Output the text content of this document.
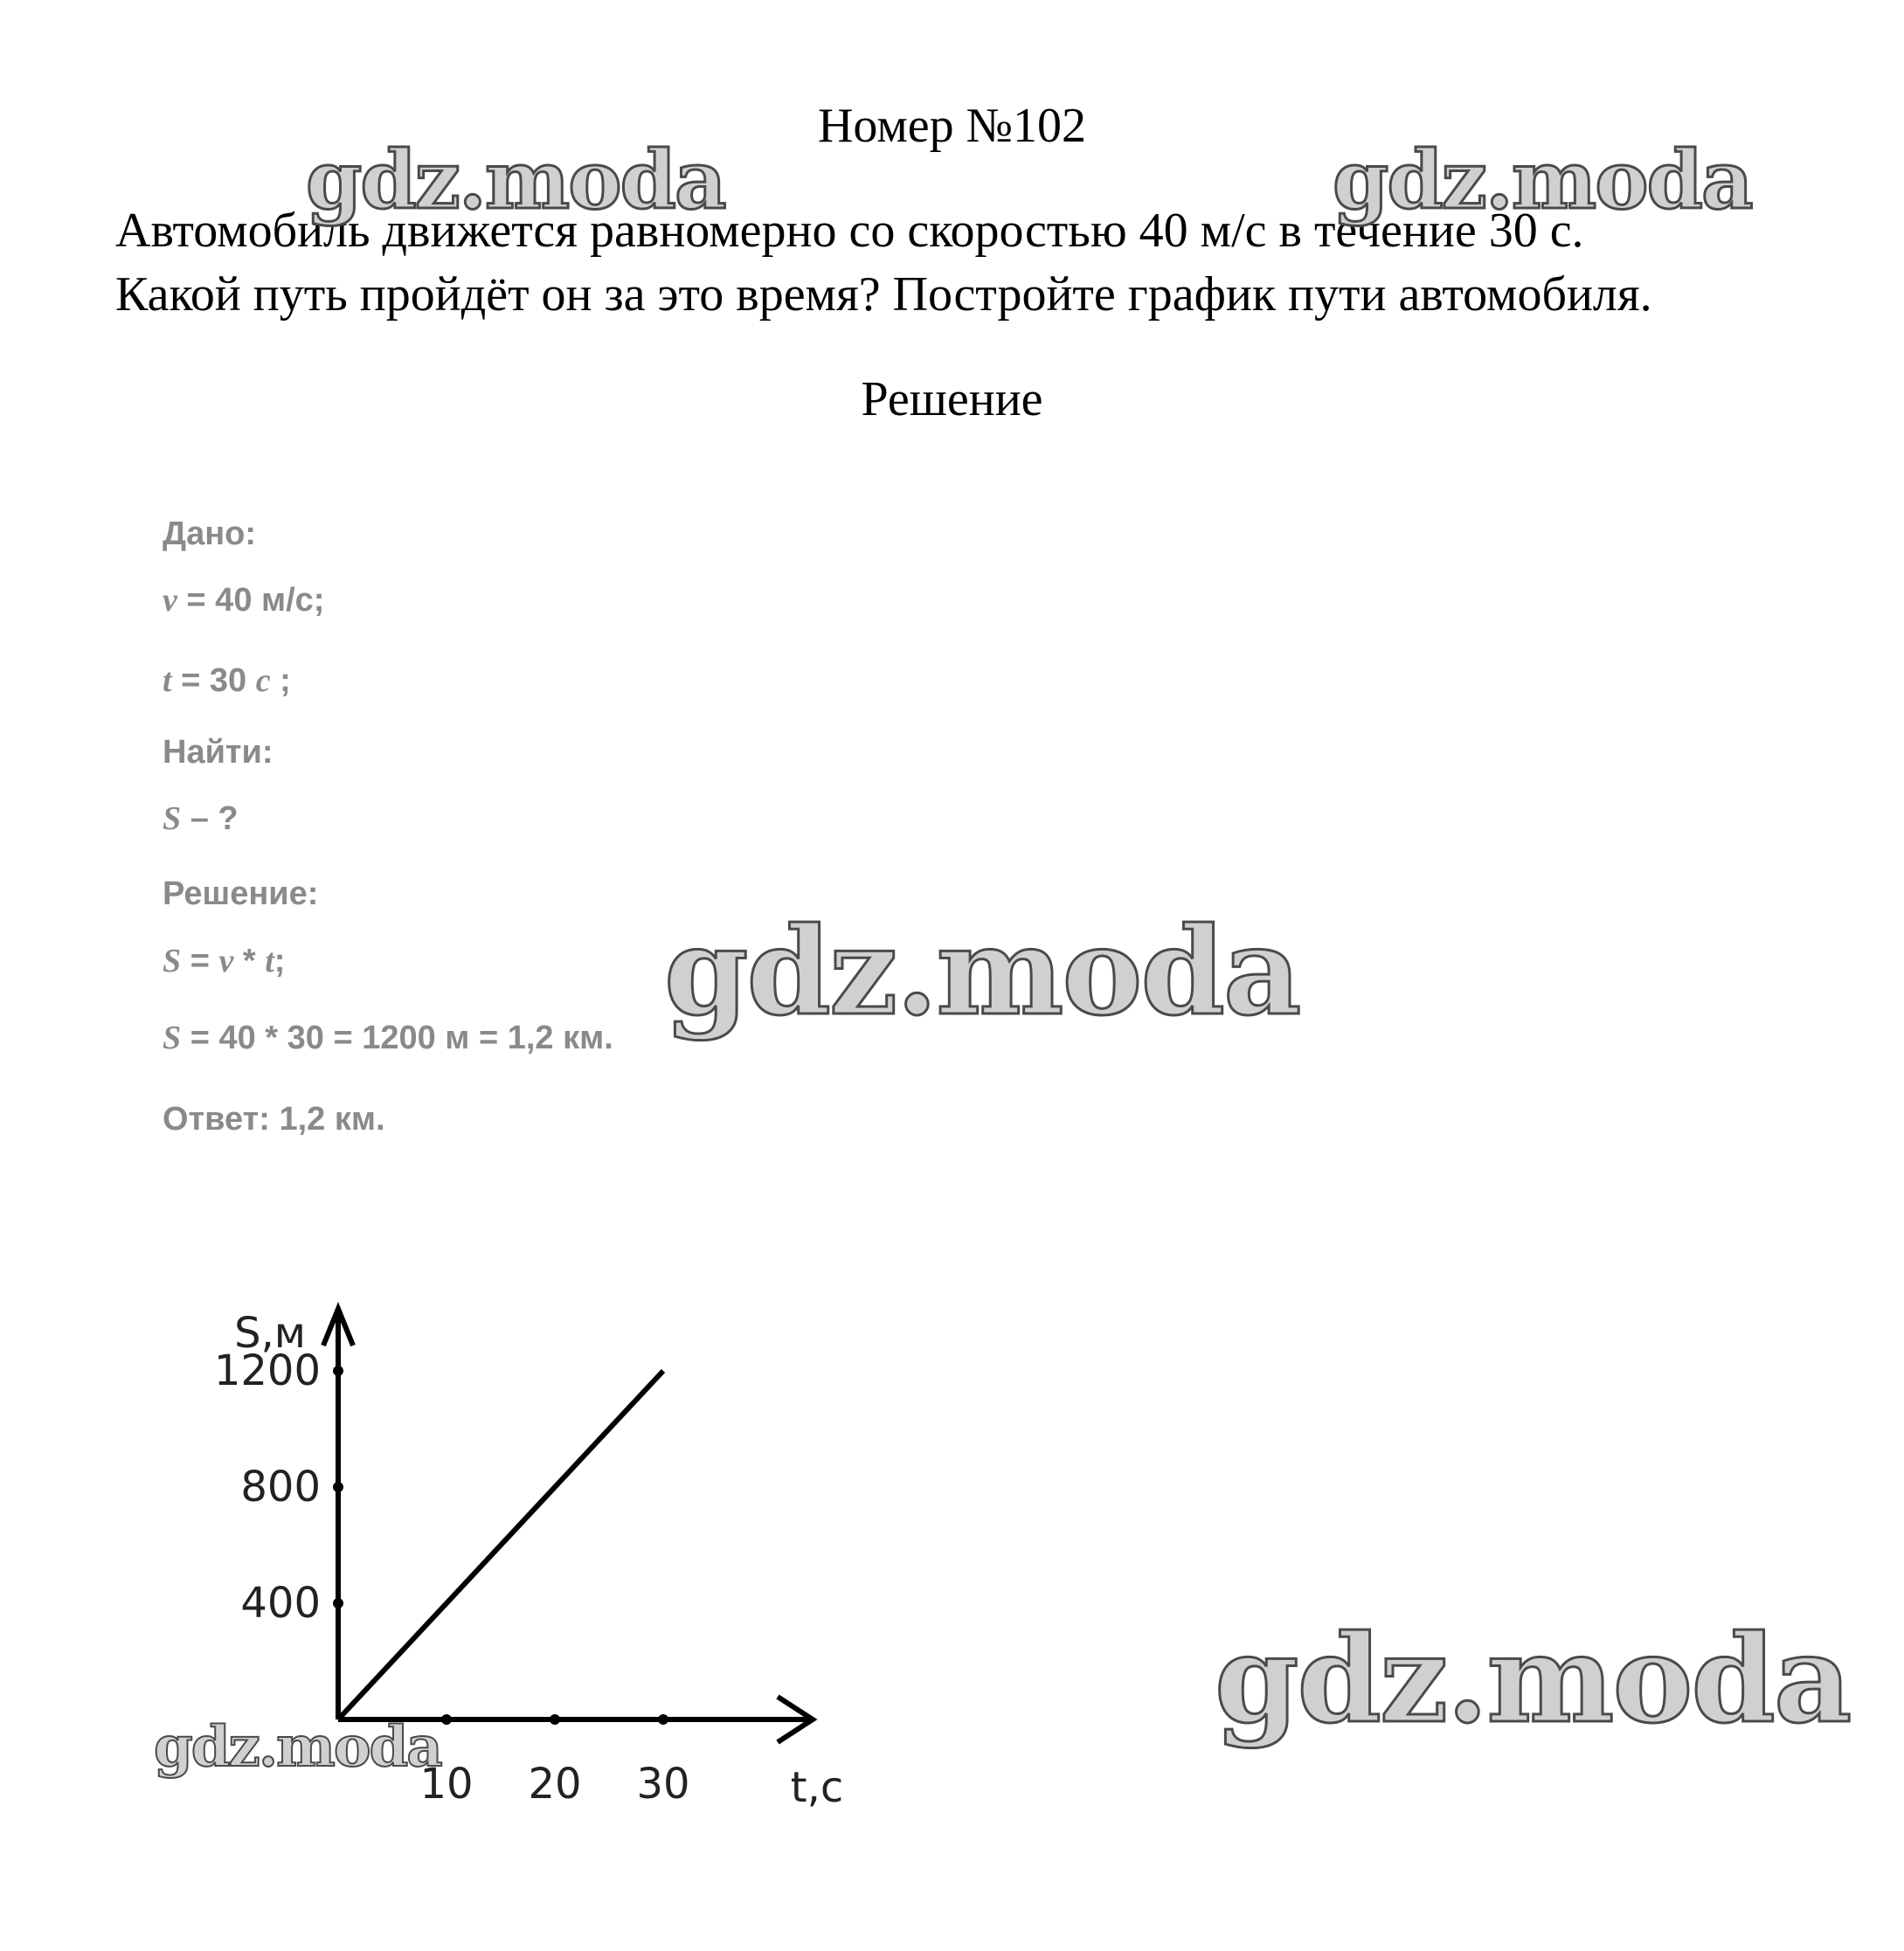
Номер №102
Автомобиль движется равномерно со скоростью 40 м/с в течение 30 с.
Какой путь пройдёт он за это время? Постройте график пути автомобиля.
Решение
Дано:
v = 40 м/с;
t = 30 c ;
Найти:
S – ?
Решение:
S = v * t;
S = 40 * 30 = 1200 м = 1,2 км.
Ответ: 1,2 км.
10 20 30
400
800
1200
t,c
S,м
gdz.moda	gdz.moda
gdz.moda
gdz.moda
gdz.moda
